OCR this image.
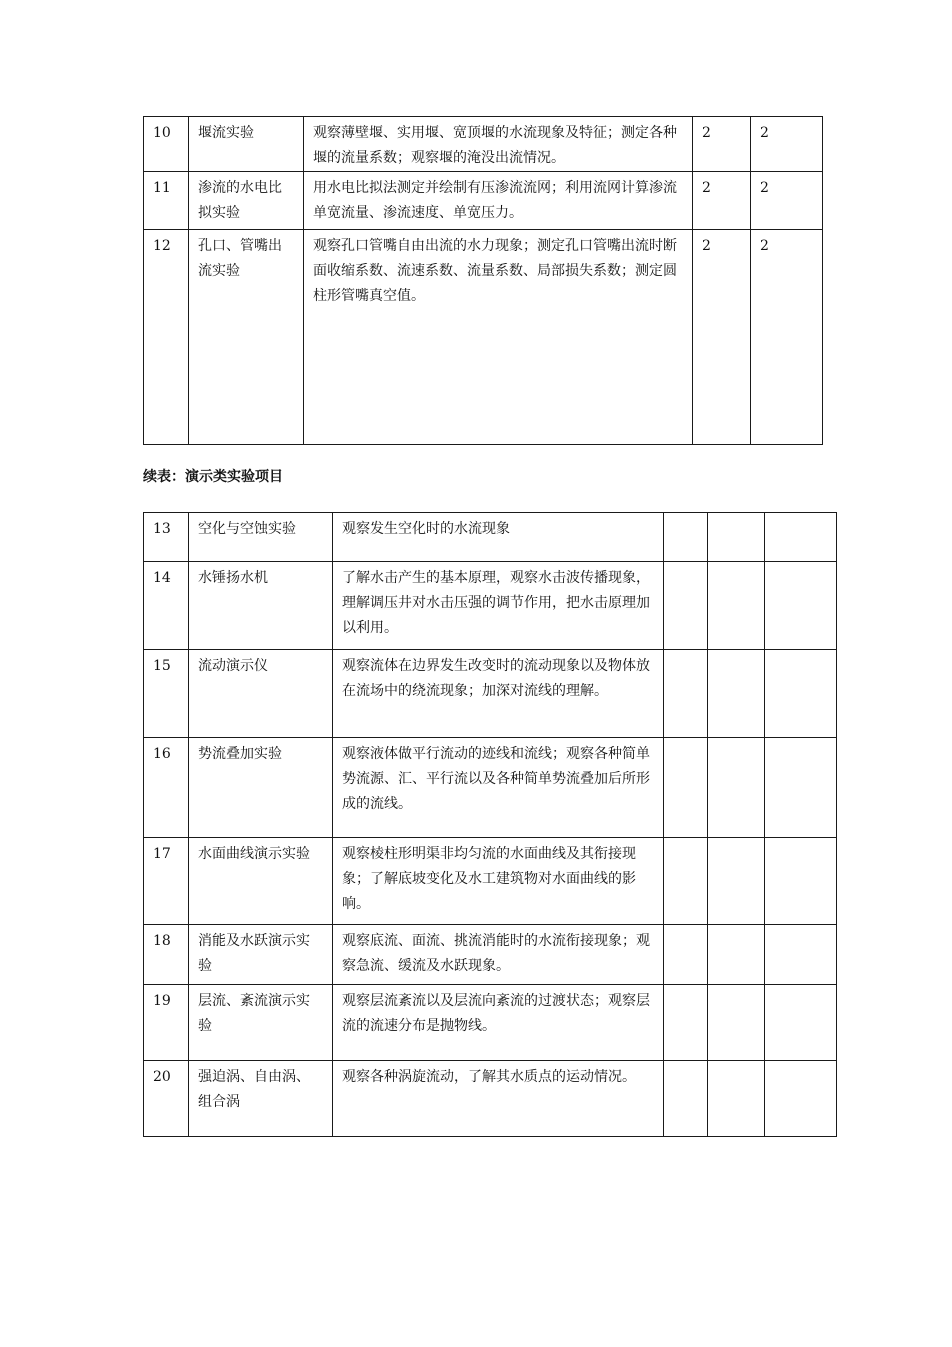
10	堰流实验	观察薄壁堰、实用堰、宽顶堰的水流现象及特征；测定各种堰的流量系数；观察堰的淹没出流情况。	2	2
11	渗流的水电比拟实验	用水电比拟法测定并绘制有压渗流流网；利用流网计算渗流单宽流量、渗流速度、单宽压力。	2	2
12	孔口、管嘴出流实验	观察孔口管嘴自由出流的水力现象；测定孔口管嘴出流时断面收缩系数、流速系数、流量系数、局部损失系数；测定圆柱形管嘴真空值。	2	2
续表：演示类实验项目
13	空化与空蚀实验	观察发生空化时的水流现象			
14	水锤扬水机	了解水击产生的基本原理，观察水击波传播现象，理解调压井对水击压强的调节作用，把水击原理加以利用。			
15	流动演示仪	观察流体在边界发生改变时的流动现象以及物体放在流场中的绕流现象；加深对流线的理解。			
16	势流叠加实验	观察液体做平行流动的迹线和流线；观察各种简单势流源、汇、平行流以及各种简单势流叠加后所形成的流线。			
17	水面曲线演示实验	观察棱柱形明渠非均匀流的水面曲线及其衔接现象；了解底坡变化及水工建筑物对水面曲线的影响。			
18	消能及水跃演示实验	观察底流、面流、挑流消能时的水流衔接现象；观察急流、缓流及水跃现象。			
19	层流、紊流演示实验	观察层流紊流以及层流向紊流的过渡状态；观察层流的流速分布是抛物线。			
20	强迫涡、自由涡、组合涡	观察各种涡旋流动，了解其水质点的运动情况。			
